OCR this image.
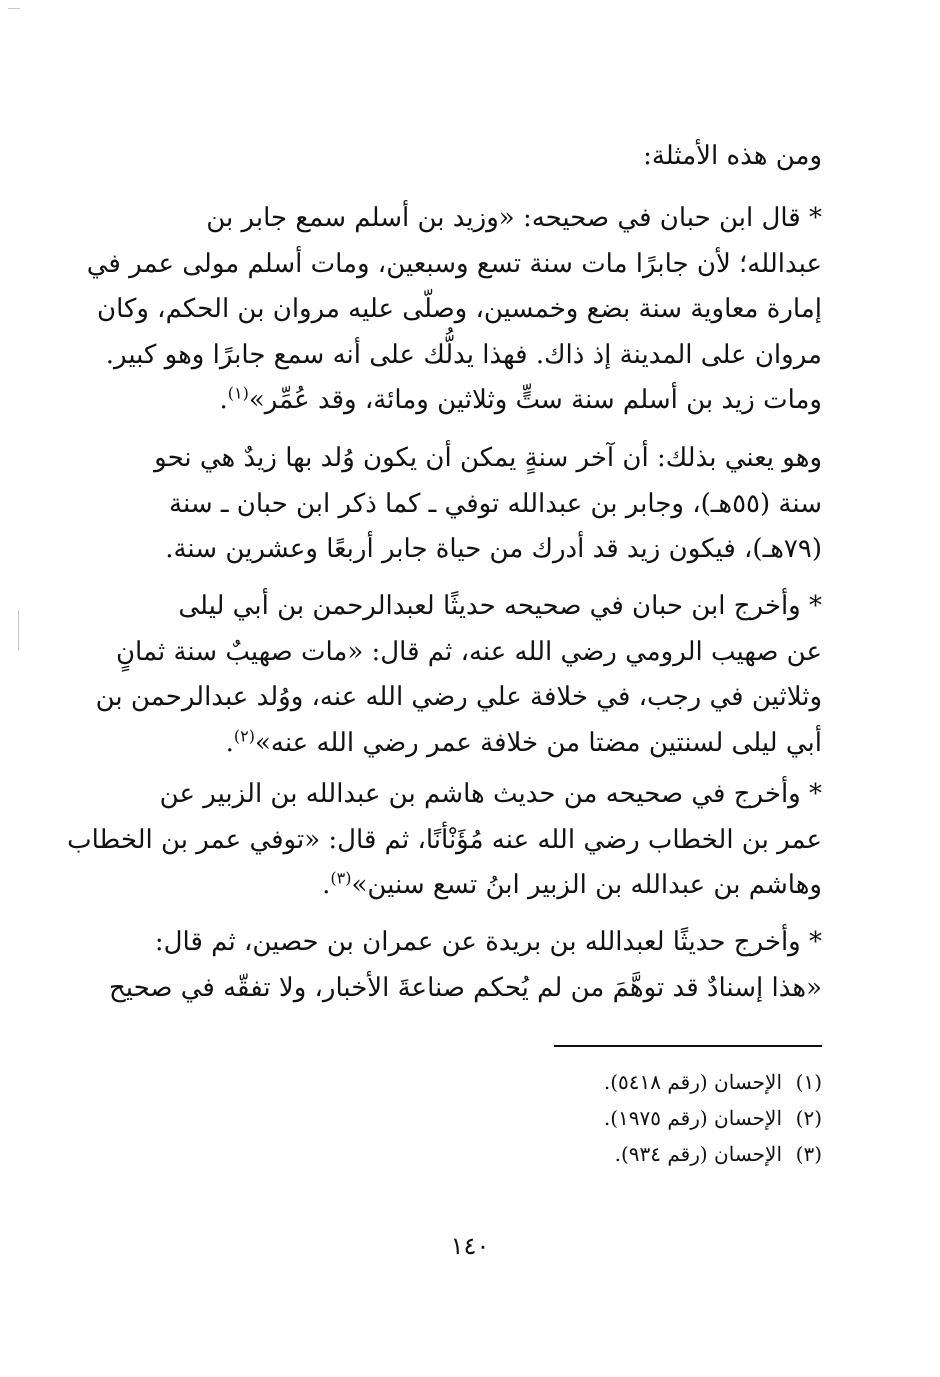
ومن هذه الأمثلة:

* قال ابن حبان في صحيحه: «وزيد بن أسلم سمع جابر بن
عبدالله؛ لأن جابرًا مات سنة تسع وسبعين، ومات أسلم مولى عمر في
إمارة معاوية سنة بضع وخمسين، وصلّى عليه مروان بن الحكم، وكان
مروان على المدينة إذ ذاك. فهذا يدلُّك على أنه سمع جابرًا وهو كبير.
ومات زيد بن أسلم سنة ستٍّ وثلاثين ومائة، وقد عُمِّر»$^{(١)}$.

وهو يعني بذلك: أن آخر سنةٍ يمكن أن يكون وُلد بها زيدٌ هي نحو
سنة (٥٥هـ)، وجابر بن عبدالله توفي ـ كما ذكر ابن حبان ـ سنة
(٧٩هـ)، فيكون زيد قد أدرك من حياة جابر أربعًا وعشرين سنة.

* وأخرج ابن حبان في صحيحه حديثًا لعبدالرحمن بن أبي ليلى
عن صهيب الرومي رضي الله عنه، ثم قال: «مات صهيبٌ سنة ثمانٍ
وثلاثين في رجب، في خلافة علي رضي الله عنه، ووُلد عبدالرحمن بن
أبي ليلى لسنتين مضتا من خلافة عمر رضي الله عنه»$^{(٢)}$.

* وأخرج في صحيحه من حديث هاشم بن عبدالله بن الزبير عن
عمر بن الخطاب رضي الله عنه مُؤَنْأنًا، ثم قال: «توفي عمر بن الخطاب
وهاشم بن عبدالله بن الزبير ابنُ تسع سنين»$^{(٣)}$.

* وأخرج حديثًا لعبدالله بن بريدة عن عمران بن حصين، ثم قال:
«هذا إسنادٌ قد توهَّمَ من لم يُحكم صناعةَ الأخبار، ولا تفقّه في صحيح

(١)الإحسان (رقم ٥٤١٨).
(٢)الإحسان (رقم ١٩٧٥).
(٣)الإحسان (رقم ٩٣٤).
١٤٠
